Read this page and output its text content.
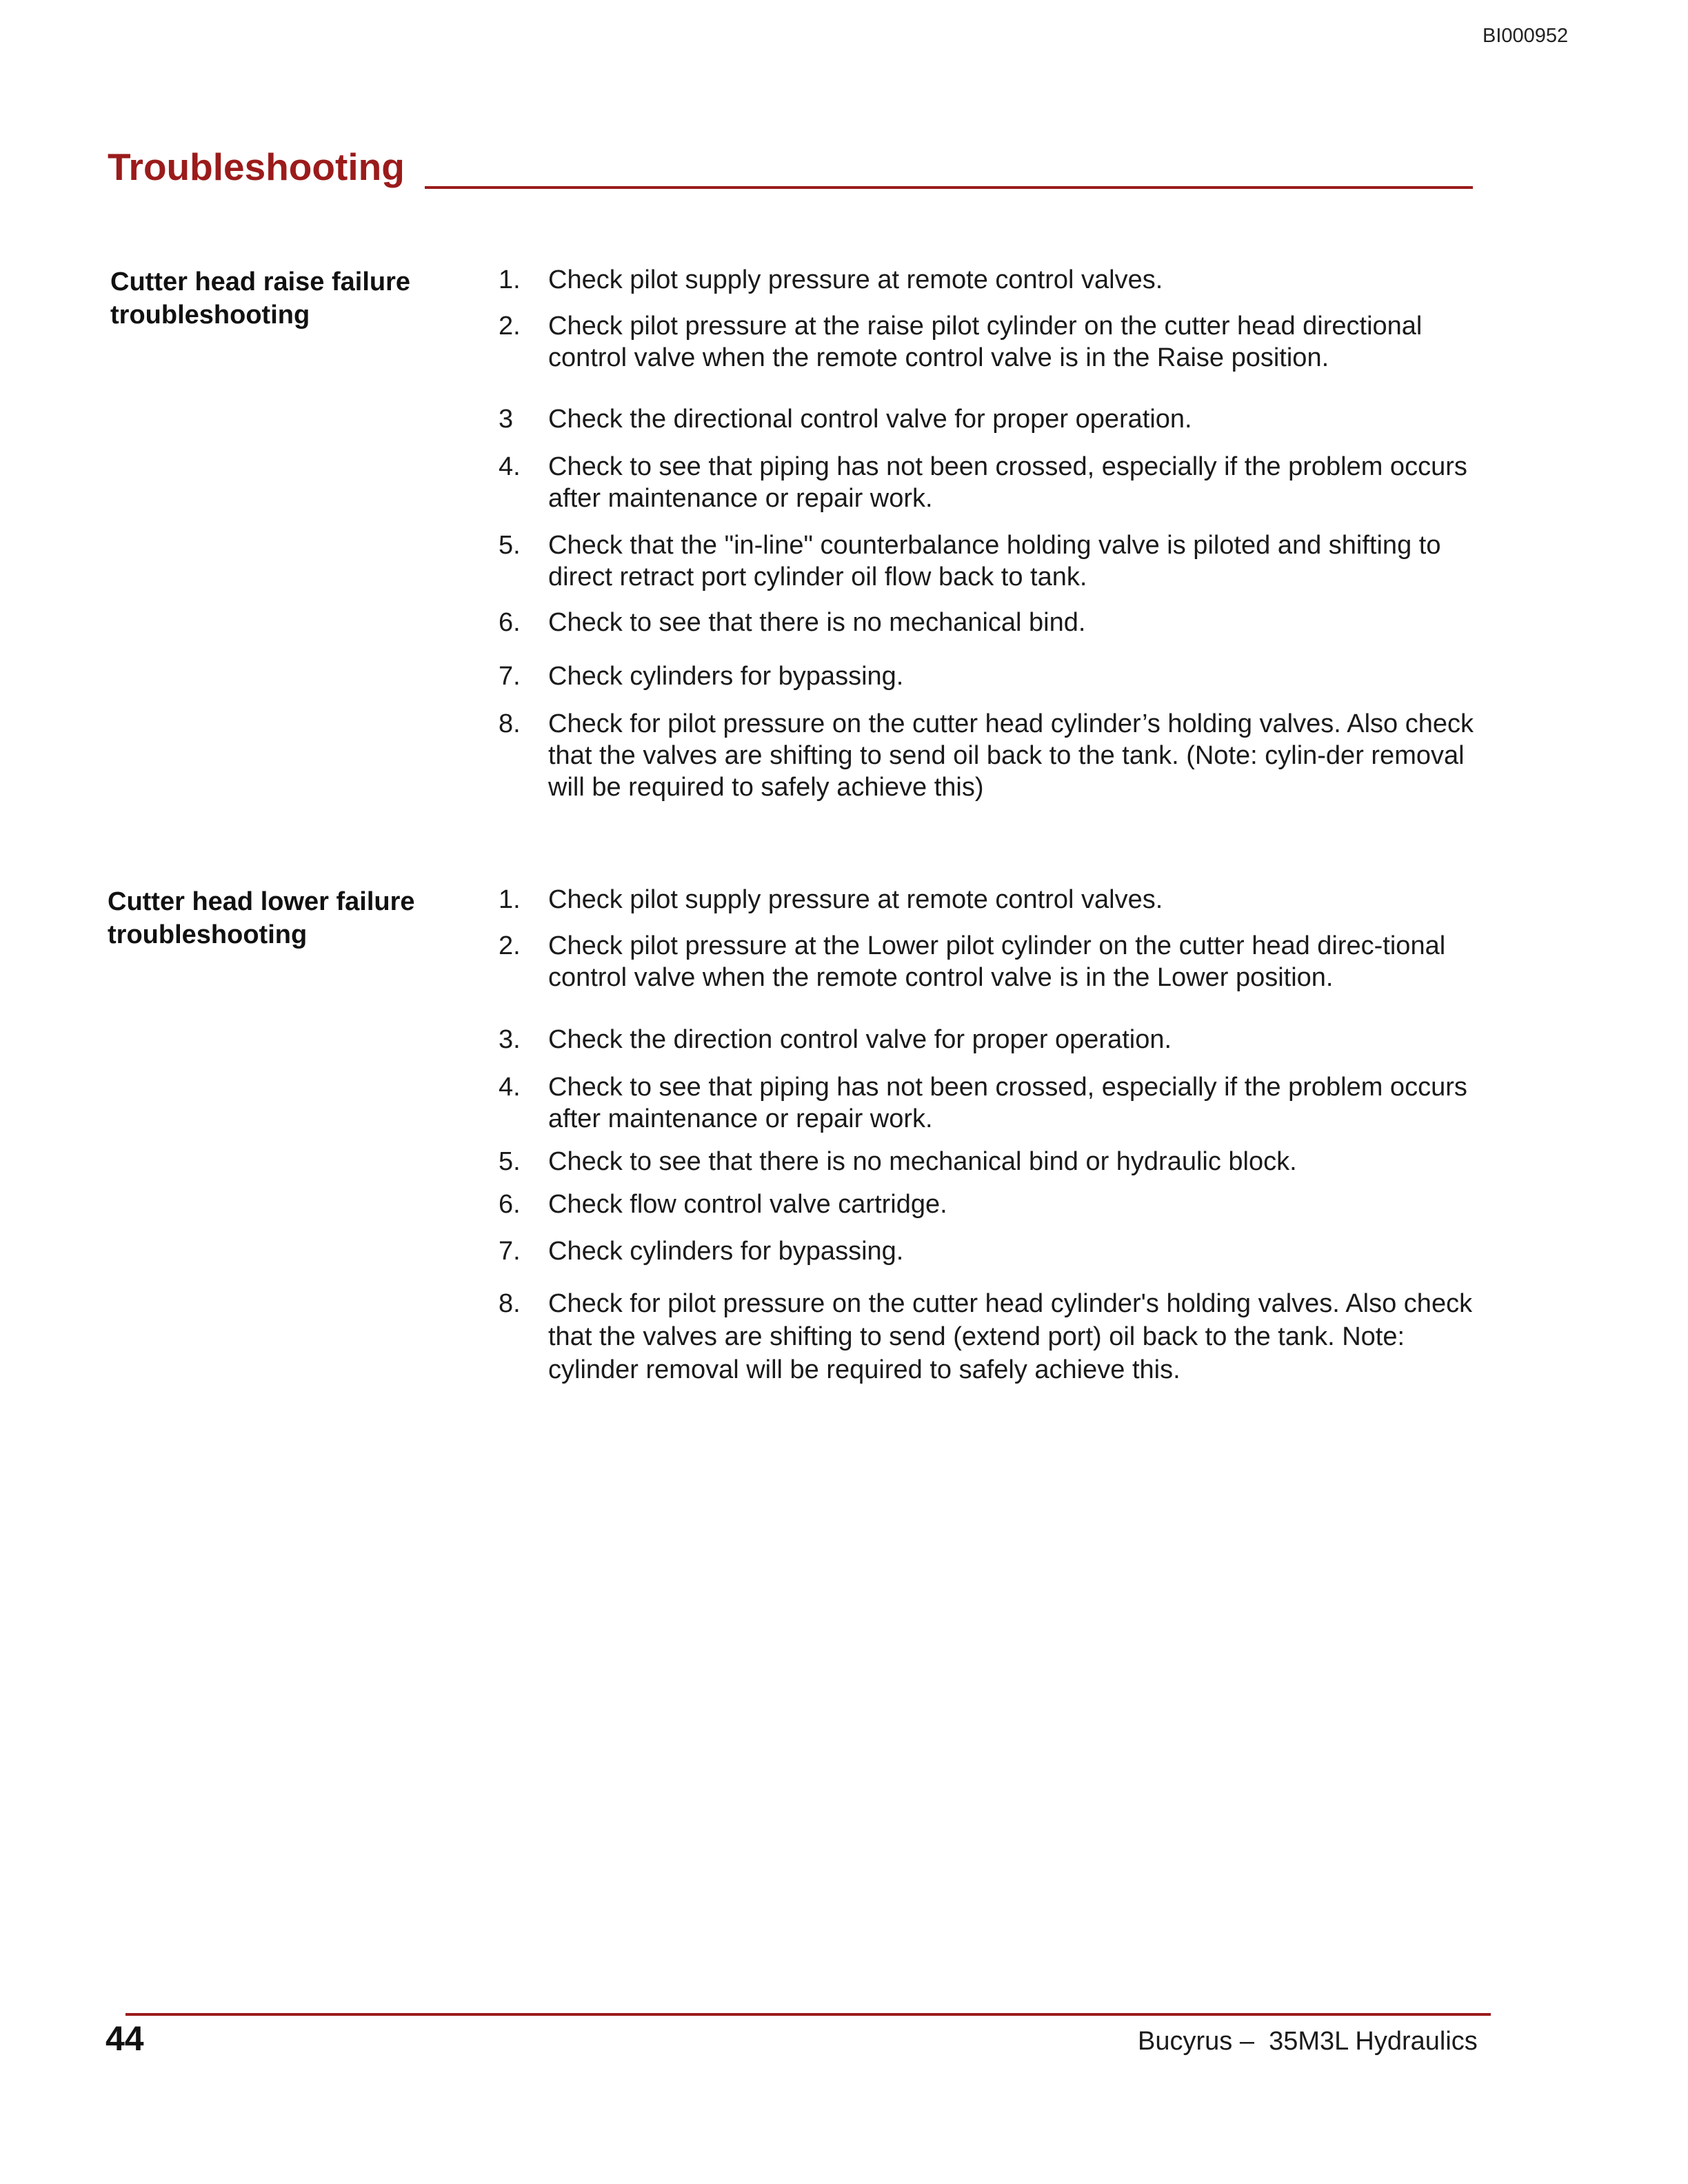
BI000952
Troubleshooting
Cutter head raise failure troubleshooting
1.	Check pilot supply pressure at remote control valves.
2.	Check pilot pressure at the raise pilot cylinder on the cutter head directional control valve when the remote control valve is in the Raise position.
3	Check the directional control valve for proper operation.
4.	Check to see that piping has not been crossed, especially if the problem occurs after maintenance or repair work.
5.	Check that the "in-line" counterbalance holding valve is piloted and shifting to direct retract port cylinder oil flow back to tank.
6.	Check to see that there is no mechanical bind.
7.	Check cylinders for bypassing.
8.	Check for pilot pressure on the cutter head cylinder’s holding valves. Also check that the valves are shifting to send oil back to the tank. (Note: cylin-der removal will be required to safely achieve this)
Cutter head lower failure troubleshooting
1.	Check pilot supply pressure at remote control valves.
2.	Check pilot pressure at the Lower pilot cylinder on the cutter head direc-tional control valve when the remote control valve is in the Lower position.
3.	Check the direction control valve for proper operation.
4.	Check to see that piping has not been crossed, especially if the problem occurs after maintenance or repair work.
5.	Check to see that there is no mechanical bind or hydraulic block.
6.	Check flow control valve cartridge.
7.	Check cylinders for bypassing.
8.	Check for pilot pressure on the cutter head cylinder's holding valves. Also check that the valves are shifting to send (extend port) oil back to the tank. Note: cylinder removal will be required to safely achieve this.
44	Bucyrus –  35M3L Hydraulics
